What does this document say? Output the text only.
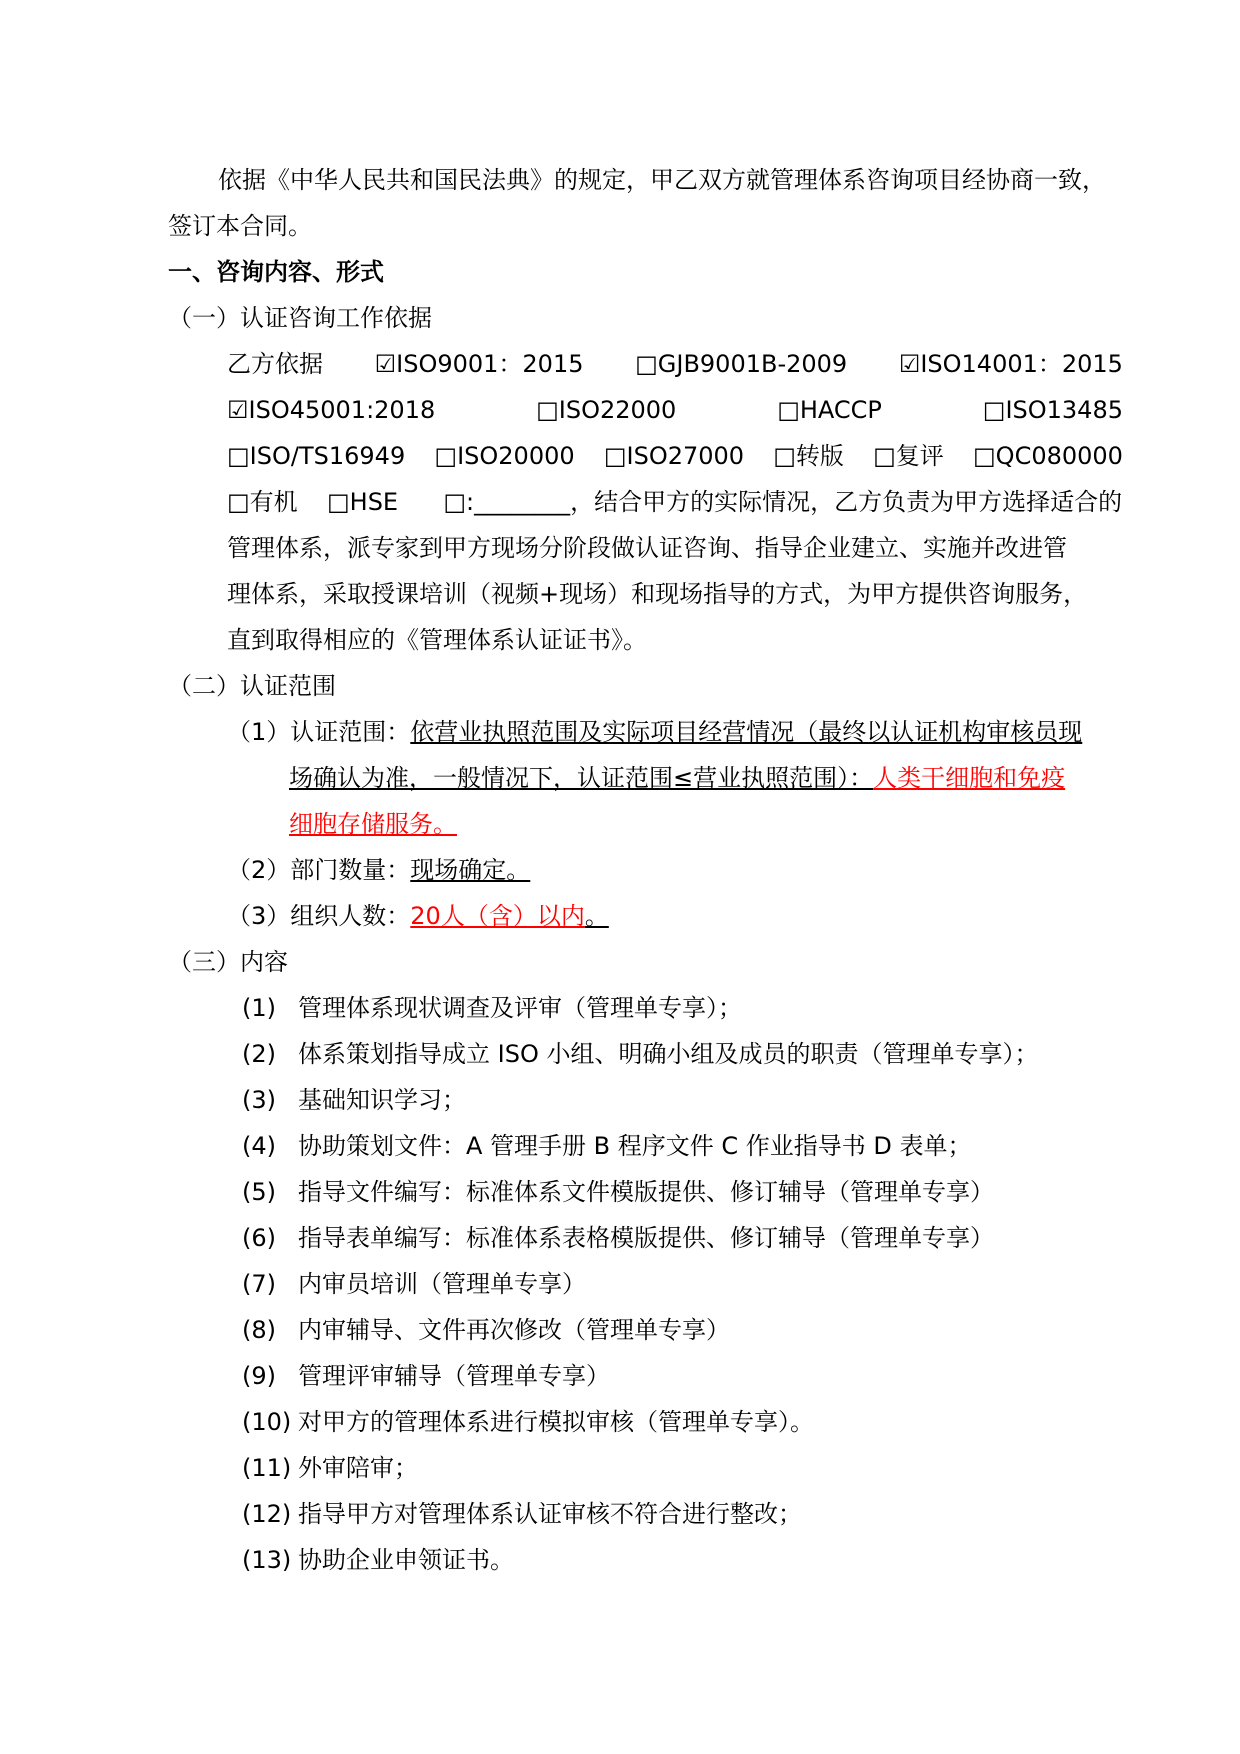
依据《中华人民共和国民法典》的规定，甲乙双方就管理体系咨询项目经协商一致，
签订本合同。
一、咨询内容、形式
（一）认证咨询工作依据
乙方依据 ☑ISO9001：2015 □GJB9001B-2009 ☑ISO14001：2015
☑ISO45001:2018	□ISO22000	□HACCP	□ISO13485
□ISO/TS16949 □ISO20000 □ISO27000 □转版 □复评 □QC080000
□有机 □HSE □:________，结合甲方的实际情况，乙方负责为甲方选择适合的
管理体系，派专家到甲方现场分阶段做认证咨询、指导企业建立、实施并改进管
理体系，采取授课培训（视频+现场）和现场指导的方式，为甲方提供咨询服务，
直到取得相应的《管理体系认证证书》。
（二）认证范围
（1）认证范围：依营业执照范围及实际项目经营情况（最终以认证机构审核员现
场确认为准，一般情况下，认证范围≤营业执照范围）：人类干细胞和免疫
细胞存储服务。
（2）部门数量：现场确定。
（3）组织人数：20人（含）以内。
（三）内容
(1) 管理体系现状调查及评审（管理单专享）；
(2) 体系策划指导成立 ISO 小组、明确小组及成员的职责（管理单专享）；
(3) 基础知识学习；
(4) 协助策划文件：A 管理手册 B 程序文件 C 作业指导书 D 表单；
(5) 指导文件编写：标准体系文件模版提供、修订辅导（管理单专享）
(6) 指导表单编写：标准体系表格模版提供、修订辅导（管理单专享）
(7) 内审员培训（管理单专享）
(8) 内审辅导、文件再次修改（管理单专享）
(9) 管理评审辅导（管理单专享）
(10) 对甲方的管理体系进行模拟审核（管理单专享）。
(11) 外审陪审；
(12) 指导甲方对管理体系认证审核不符合进行整改；
(13) 协助企业申领证书。
